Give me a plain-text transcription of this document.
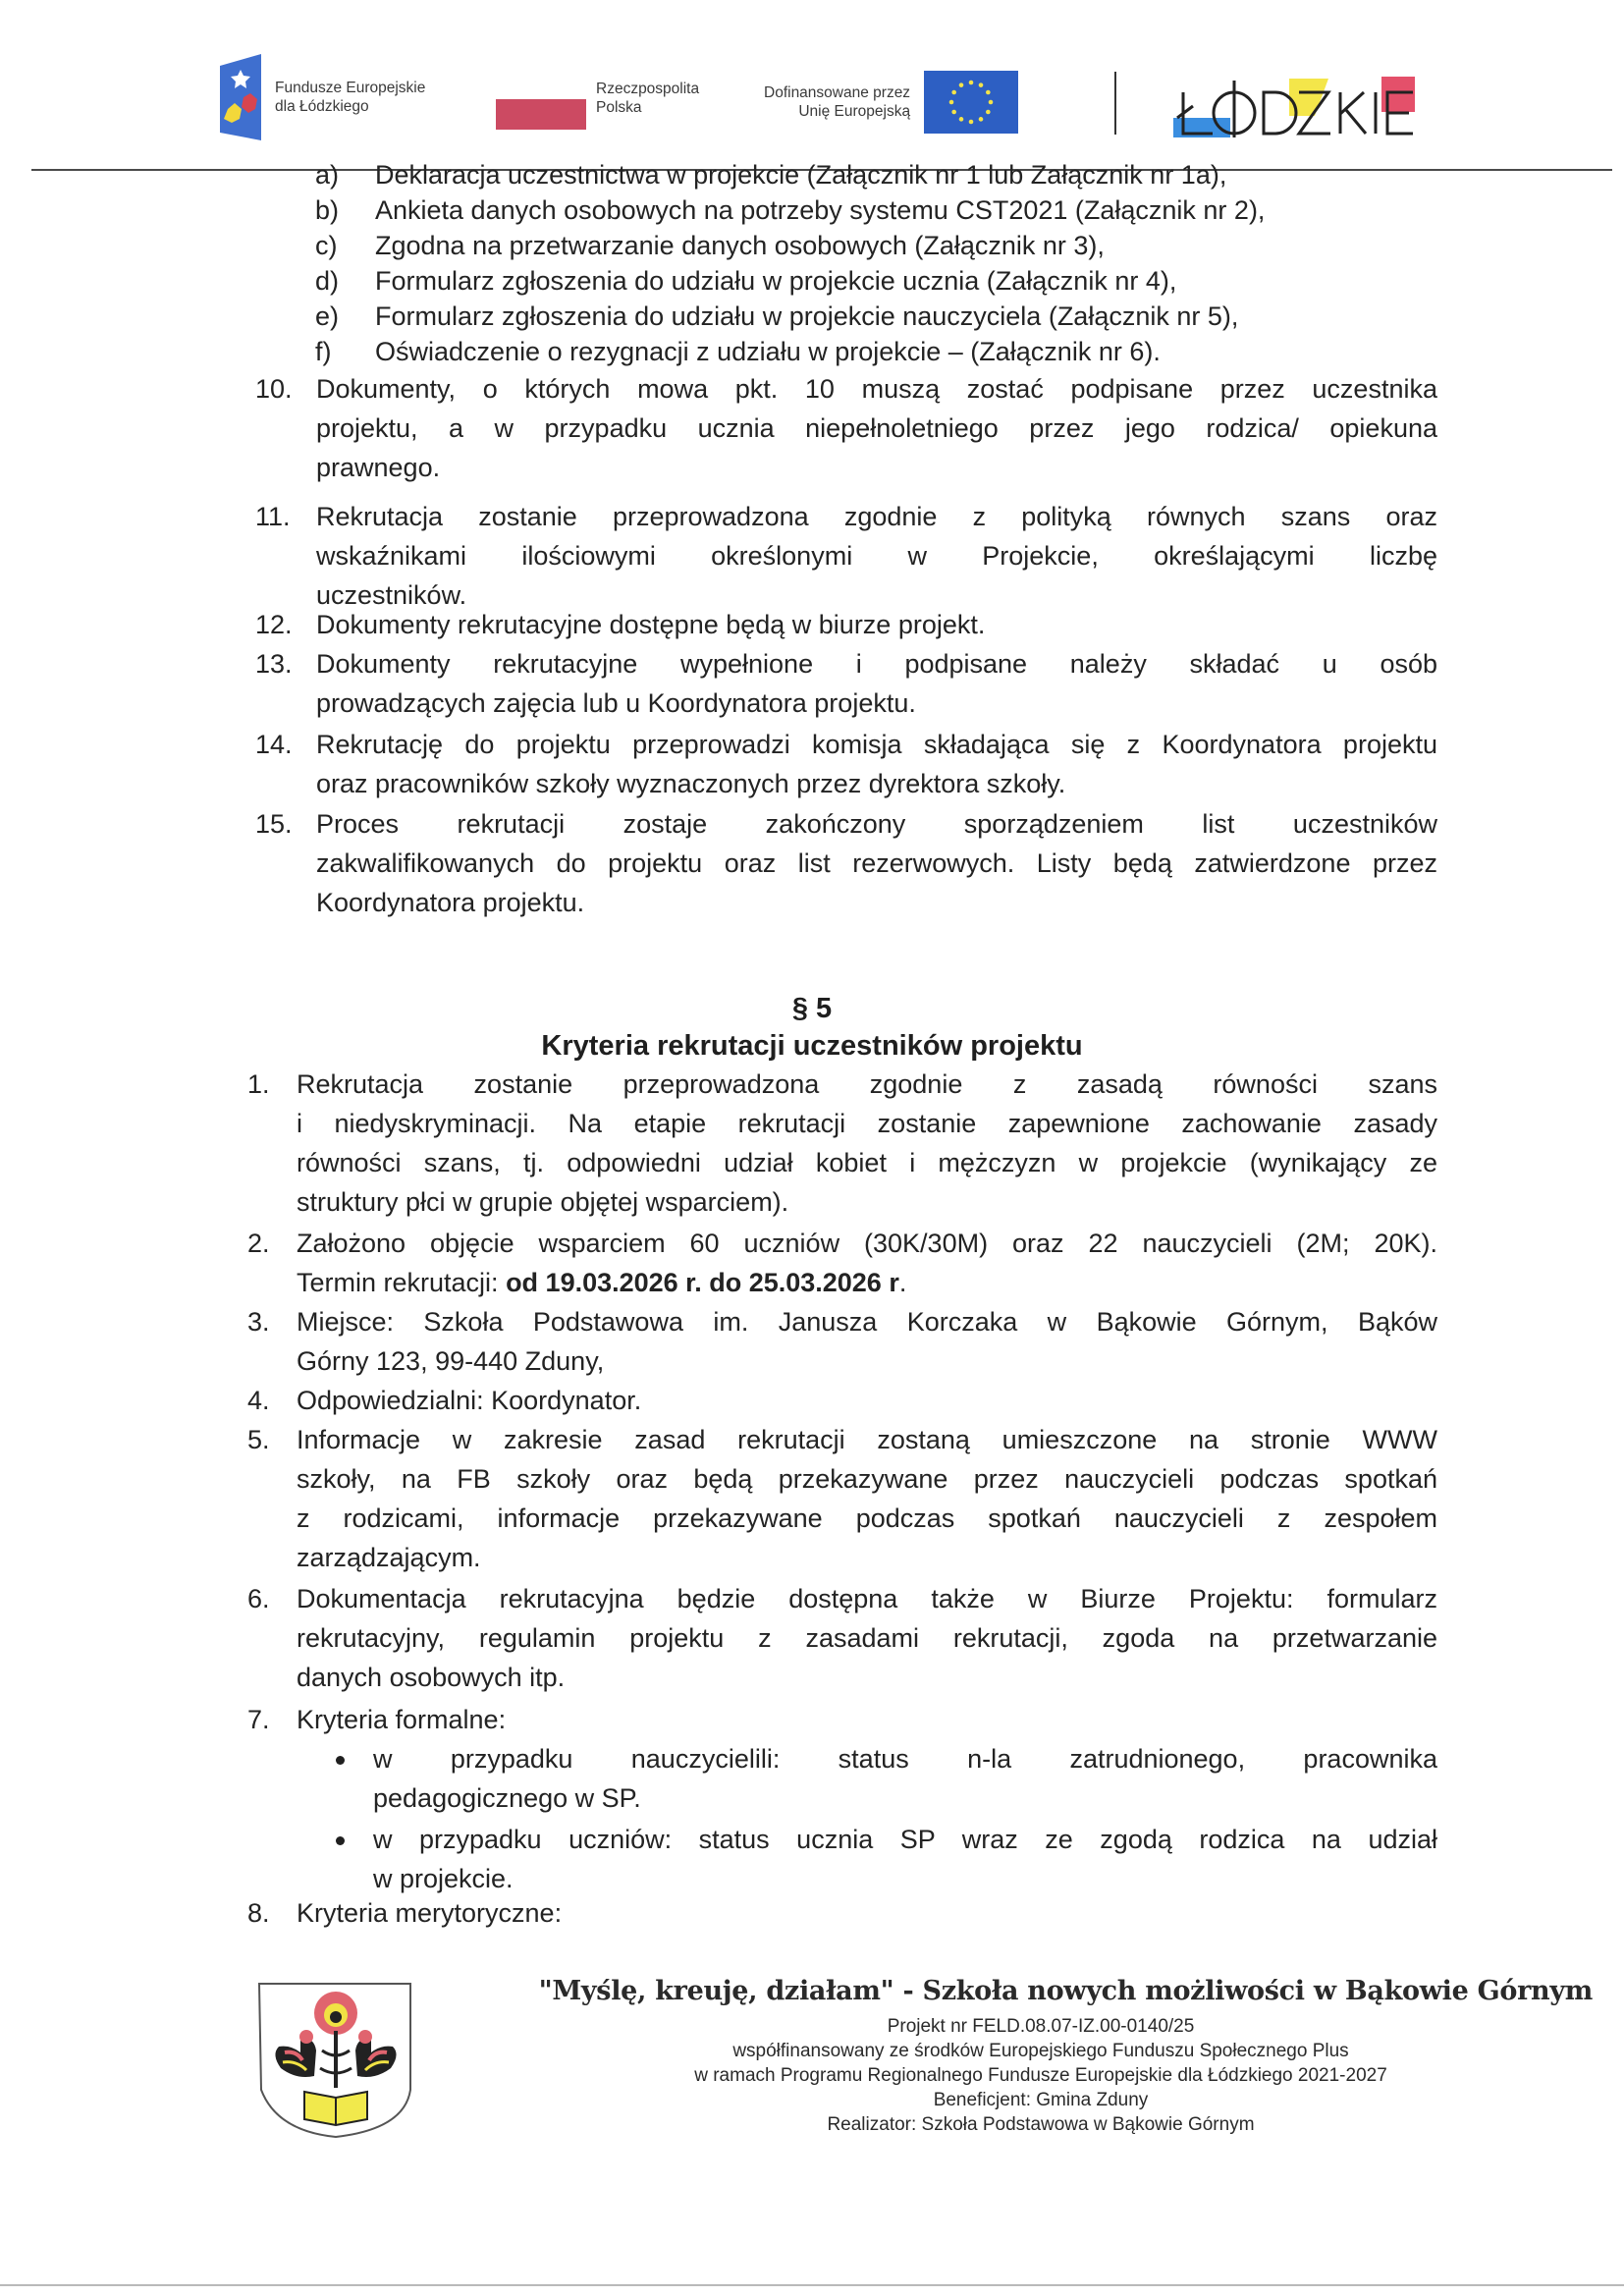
Fundusze Europejskie
dla Łódzkiego
Rzeczpospolita
Polska
Dofinansowane przez
Unię Europejską
ŁÓDZKIE
a) Deklaracja uczestnictwa w projekcie (Załącznik nr 1 lub Załącznik nr 1a),
b) Ankieta danych osobowych na potrzeby systemu CST2021 (Załącznik nr 2),
c) Zgodna na przetwarzanie danych osobowych (Załącznik nr 3),
d) Formularz zgłoszenia do udziału w projekcie ucznia (Załącznik nr 4),
e) Formularz zgłoszenia do udziału w projekcie nauczyciela (Załącznik nr 5),
f) Oświadczenie o rezygnacji z udziału w projekcie – (Załącznik nr 6).
10. Dokumenty, o których mowa pkt. 10 muszą zostać podpisane przez uczestnika
projektu, a w przypadku ucznia niepełnoletniego przez jego rodzica/ opiekuna
prawnego.
11. Rekrutacja zostanie przeprowadzona zgodnie z polityką równych szans oraz
wskaźnikami ilościowymi określonymi w Projekcie, określającymi liczbę
uczestników.
12. Dokumenty rekrutacyjne dostępne będą w biurze projekt.
13. Dokumenty rekrutacyjne wypełnione i podpisane należy składać u osób
prowadzących zajęcia lub u Koordynatora projektu.
14. Rekrutację do projektu przeprowadzi komisja składająca się z Koordynatora projektu
oraz pracowników szkoły wyznaczonych przez dyrektora szkoły.
15. Proces rekrutacji zostaje zakończony sporządzeniem list uczestników
zakwalifikowanych do projektu oraz list rezerwowych. Listy będą zatwierdzone przez
Koordynatora projektu.
§ 5
Kryteria rekrutacji uczestników projektu
1. Rekrutacja zostanie przeprowadzona zgodnie z zasadą równości szans
i niedyskryminacji. Na etapie rekrutacji zostanie zapewnione zachowanie zasady
równości szans, tj. odpowiedni udział kobiet i mężczyzn w projekcie (wynikający ze
struktury płci w grupie objętej wsparciem).
2. Założono objęcie wsparciem 60 uczniów (30K/30M) oraz 22 nauczycieli (2M; 20K).
Termin rekrutacji: od 19.03.2026 r. do 25.03.2026 r.
3. Miejsce: Szkoła Podstawowa im. Janusza Korczaka w Bąkowie Górnym, Bąków
Górny 123, 99-440 Zduny,
4. Odpowiedzialni: Koordynator.
5. Informacje w zakresie zasad rekrutacji zostaną umieszczone na stronie WWW
szkoły, na FB szkoły oraz będą przekazywane przez nauczycieli podczas spotkań
z rodzicami, informacje przekazywane podczas spotkań nauczycieli z zespołem
zarządzającym.
6. Dokumentacja rekrutacyjna będzie dostępna także w Biurze Projektu: formularz
rekrutacyjny, regulamin projektu z zasadami rekrutacji, zgoda na przetwarzanie
danych osobowych itp.
7. Kryteria formalne:
8. Kryteria merytoryczne:
w przypadku nauczycielili: status n-la zatrudnionego, pracownika
pedagogicznego w SP.
w przypadku uczniów: status ucznia SP wraz ze zgodą rodzica na udział
w projekcie.
"Myślę, kreuję, działam" - Szkoła nowych możliwości w Bąkowie Górnym
Projekt nr FELD.08.07-IZ.00-0140/25
współfinansowany ze środków Europejskiego Funduszu Społecznego Plus
w ramach Programu Regionalnego Fundusze Europejskie dla Łódzkiego 2021-2027
Beneficjent: Gmina Zduny
Realizator: Szkoła Podstawowa w Bąkowie Górnym
